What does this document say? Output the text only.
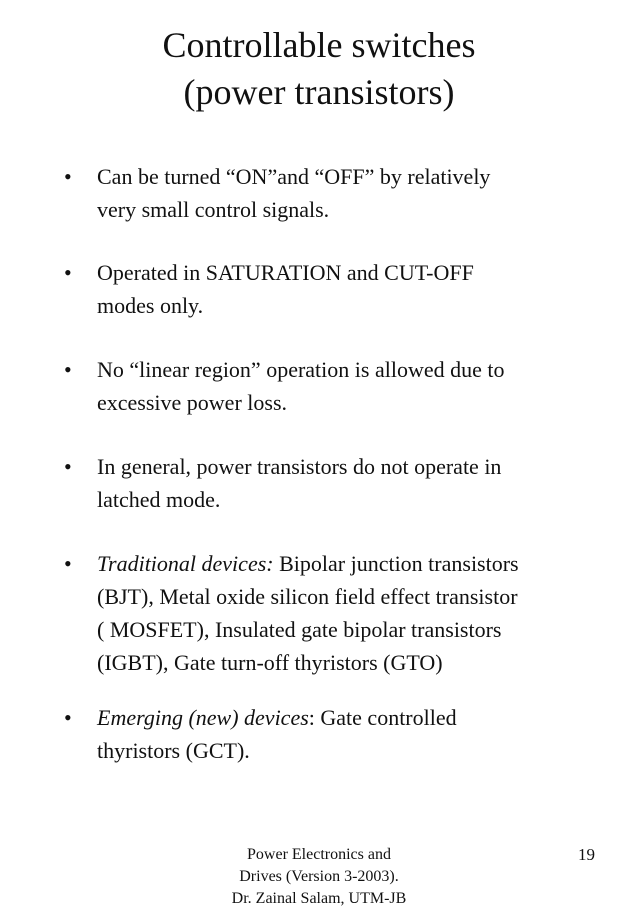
Controllable switches
(power transistors)
• Can be turned “ON”and “OFF” by relatively
very small control signals.
• Operated in SATURATION and CUT-OFF
modes only.
• No “linear region” operation is allowed due to
excessive power loss.
• In general, power transistors do not operate in
latched mode.
• Traditional devices: Bipolar junction transistors
(BJT), Metal oxide silicon field effect transistor
( MOSFET), Insulated gate bipolar transistors
(IGBT), Gate turn-off thyristors (GTO)
• Emerging (new) devices: Gate controlled
thyristors (GCT).
Power Electronics and
Drives (Version 3-2003).
Dr. Zainal Salam, UTM-JB
19
